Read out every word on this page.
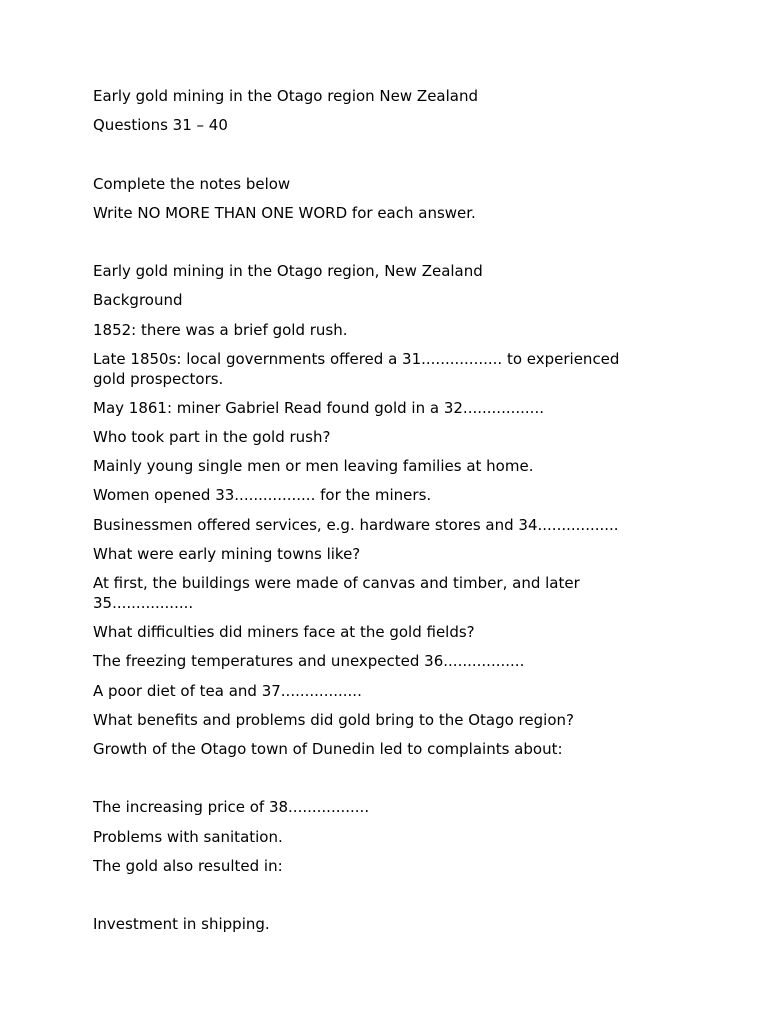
Early gold mining in the Otago region New Zealand
Questions 31 – 40
Complete the notes below
Write NO MORE THAN ONE WORD for each answer.
Early gold mining in the Otago region, New Zealand
Background
1852: there was a brief gold rush.
Late 1850s: local governments offered a 31................. to experienced gold prospectors.
May 1861: miner Gabriel Read found gold in a 32.................
Who took part in the gold rush?
Mainly young single men or men leaving families at home.
Women opened 33................. for the miners.
Businessmen offered services, e.g. hardware stores and 34.................
What were early mining towns like?
At first, the buildings were made of canvas and timber, and later 35.................
What difficulties did miners face at the gold fields?
The freezing temperatures and unexpected 36.................
A poor diet of tea and 37.................
What benefits and problems did gold bring to the Otago region?
Growth of the Otago town of Dunedin led to complaints about:
The increasing price of 38.................
Problems with sanitation.
The gold also resulted in:
Investment in shipping.
